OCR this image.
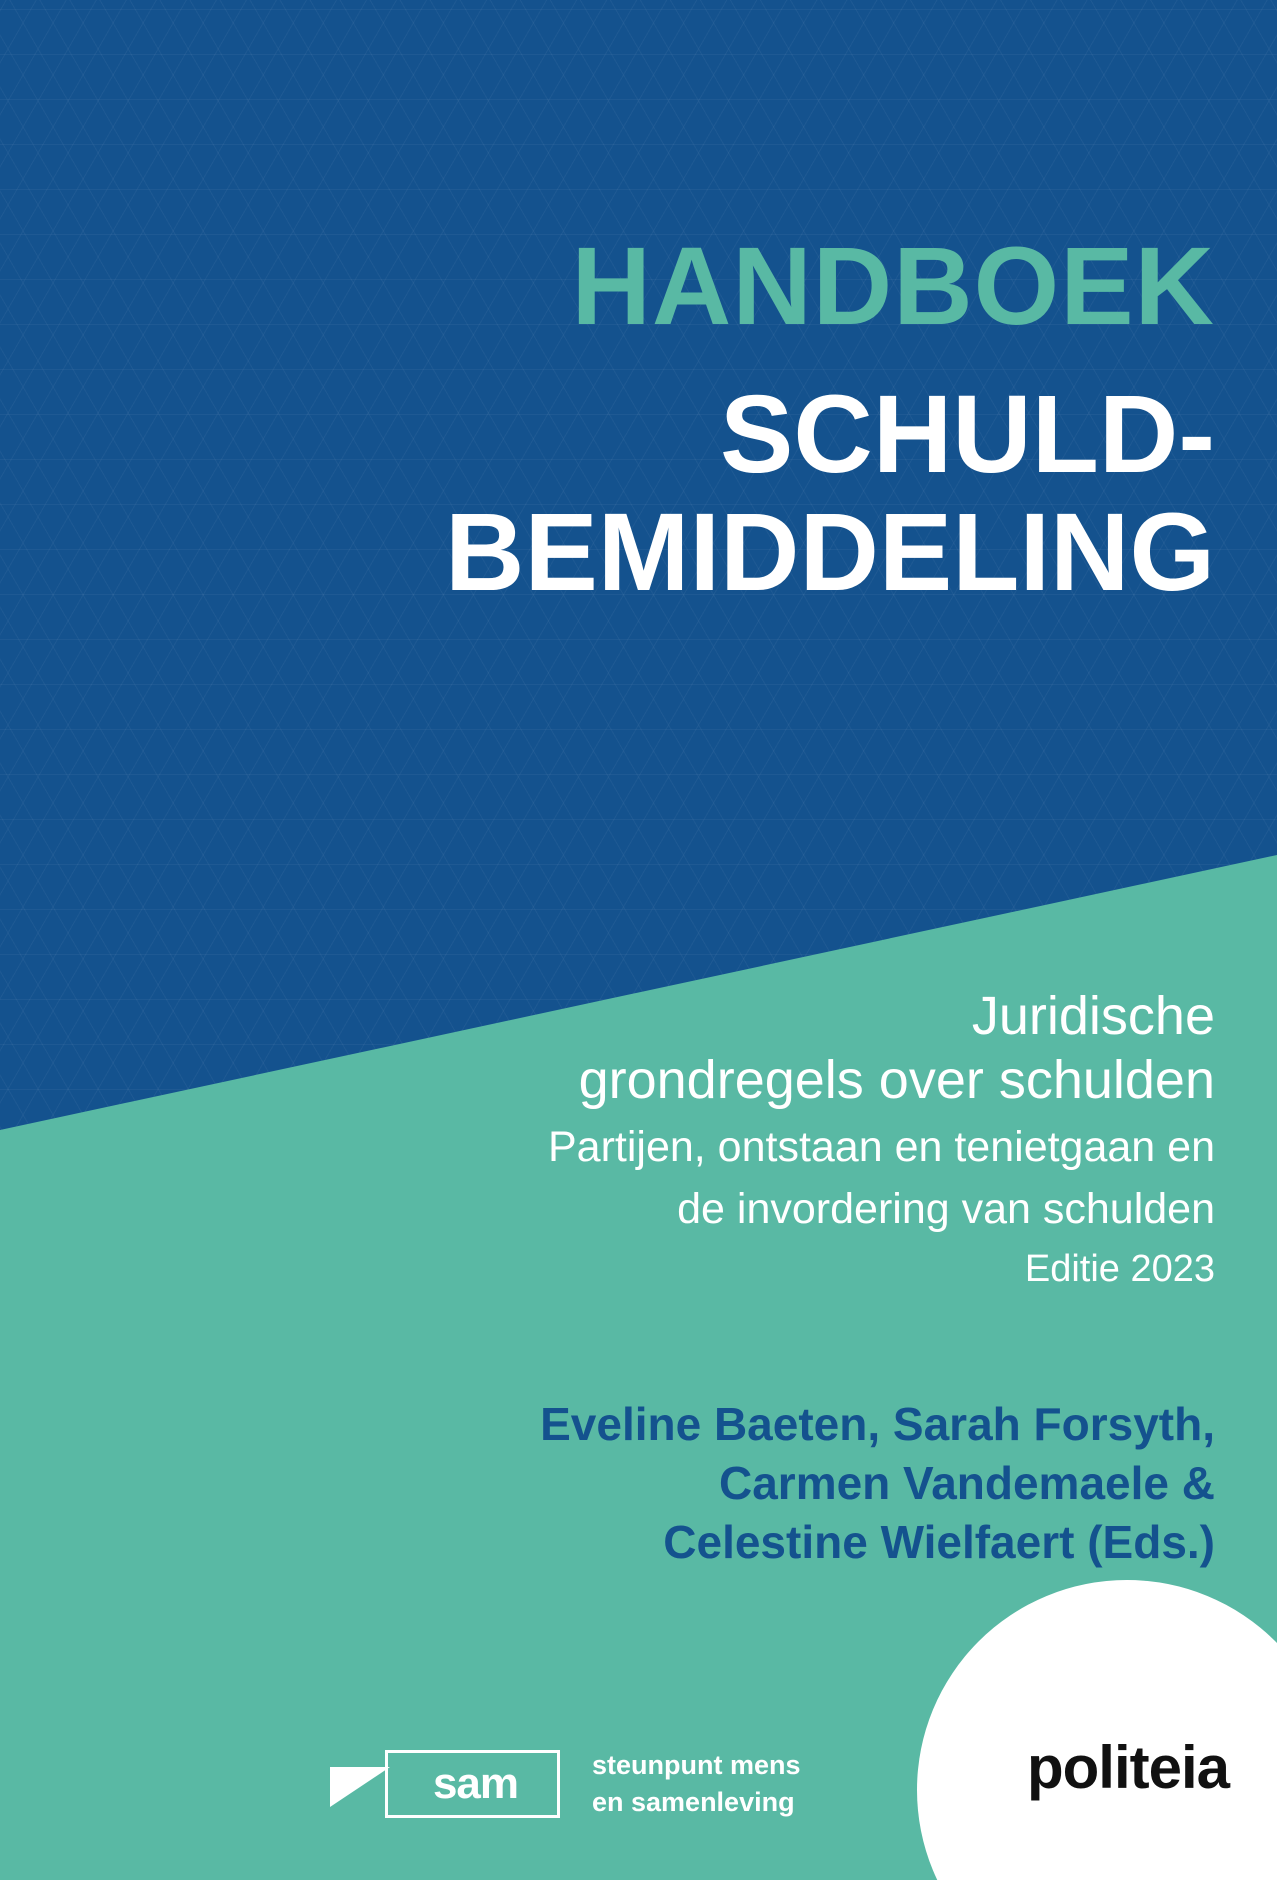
HANDBOEK
SCHULD-
BEMIDDELING
Juridische
grondregels over schulden
Partijen, ontstaan en tenietgaan en
de invordering van schulden
Editie 2023
Eveline Baeten, Sarah Forsyth,
Carmen Vandemaele &
Celestine Wielfaert (Eds.)
sam	steunpunt mens
en samenleving
politeia
